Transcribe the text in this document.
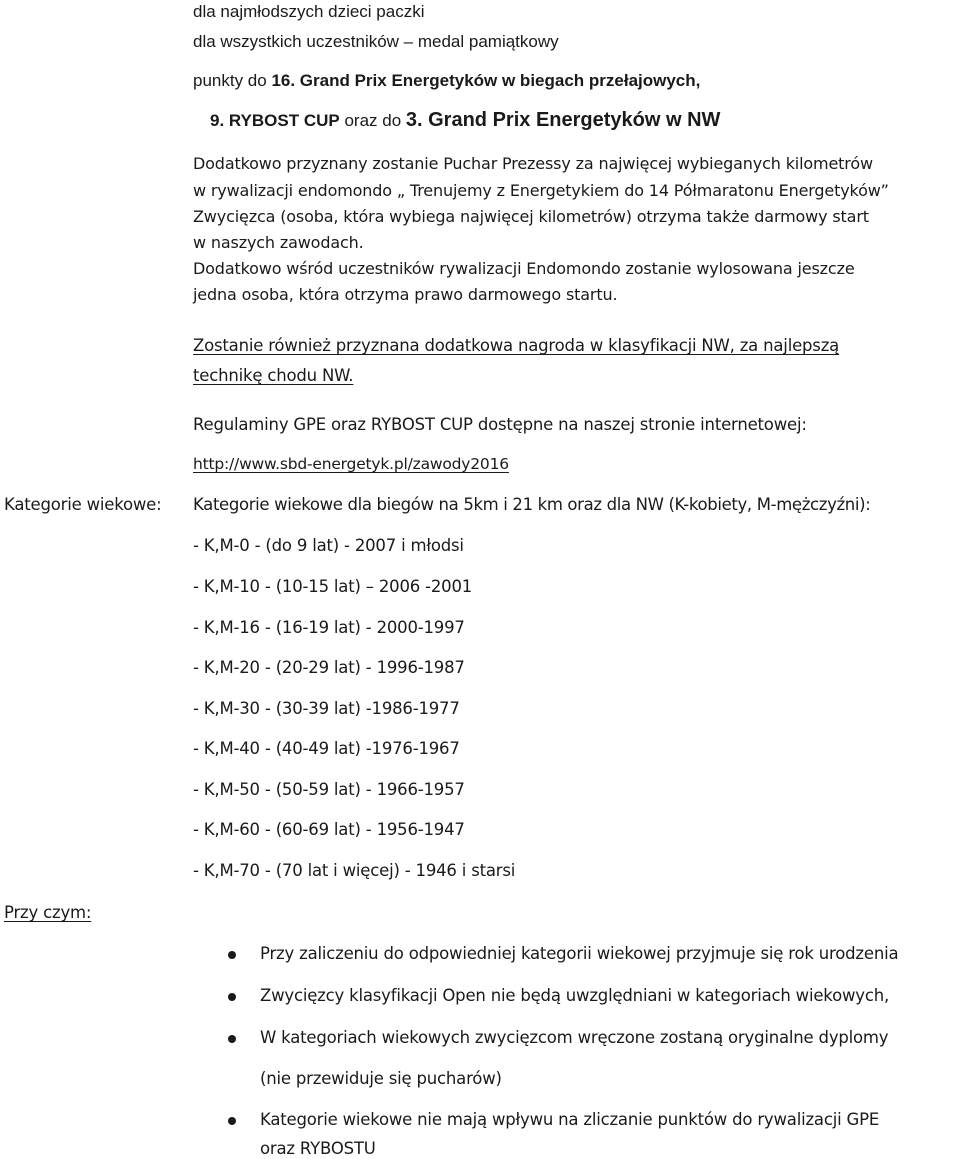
dla najmłodszych dzieci paczki
dla wszystkich uczestników – medal pamiątkowy
punkty do 16. Grand Prix Energetyków w biegach przełajowych,
9. RYBOST CUP oraz do 3. Grand Prix Energetyków w NW
Dodatkowo przyznany zostanie Puchar Prezessy za najwięcej wybieganych kilometrów
w rywalizacji endomondo „ Trenujemy z Energetykiem do 14 Półmaratonu Energetyków”
Zwycięzca (osoba, która wybiega najwięcej kilometrów) otrzyma także darmowy start
w naszych zawodach.
Dodatkowo wśród uczestników rywalizacji Endomondo zostanie wylosowana jeszcze
jedna osoba, która otrzyma prawo darmowego startu.
Zostanie również przyznana dodatkowa nagroda w klasyfikacji NW, za najlepszą
technikę chodu NW.
Regulaminy GPE oraz RYBOST CUP dostępne na naszej stronie internetowej:
http://www.sbd-energetyk.pl/zawody2016
Kategorie wiekowe: Kategorie wiekowe dla biegów na 5km i 21 km oraz dla NW (K-kobiety, M-mężczyźni):
- K,M-0 - (do 9 lat) - 2007 i młodsi
- K,M-10 - (10-15 lat) – 2006 -2001
- K,M-16 - (16-19 lat) - 2000-1997
- K,M-20 - (20-29 lat) - 1996-1987
- K,M-30 - (30-39 lat) -1986-1977
- K,M-40 - (40-49 lat) -1976-1967
- K,M-50 - (50-59 lat) - 1966-1957
- K,M-60 - (60-69 lat) - 1956-1947
- K,M-70 - (70 lat i więcej) - 1946 i starsi
Przy czym:
Przy zaliczeniu do odpowiedniej kategorii wiekowej przyjmuje się rok urodzenia
Zwycięzcy klasyfikacji Open nie będą uwzględniani w kategoriach wiekowych,
W kategoriach wiekowych zwycięzcom wręczone zostaną oryginalne dyplomy
(nie przewiduje się pucharów)
Kategorie wiekowe nie mają wpływu na zliczanie punktów do rywalizacji GPE
oraz RYBOSTU
